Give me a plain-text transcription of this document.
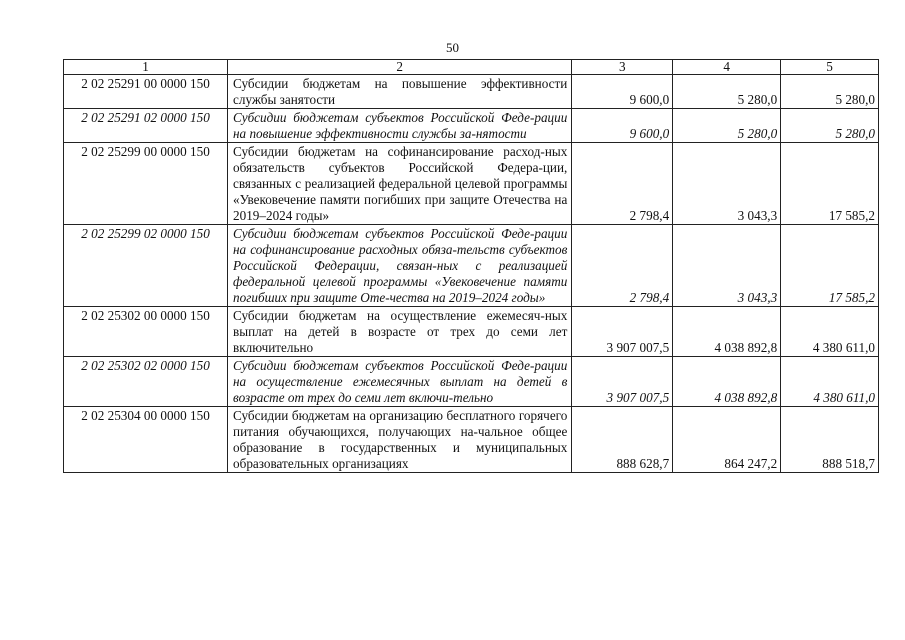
50
1	2	3	4	5
2 02 25291 00 0000 150	Субсидии бюджетам на повышение эффективности службы занятости	9 600,0	5 280,0	5 280,0
2 02 25291 02 0000 150	Субсидии бюджетам субъектов Российской Феде-рации на повышение эффективности службы за-нятости	9 600,0	5 280,0	5 280,0
2 02 25299 00 0000 150	Субсидии бюджетам на софинансирование расход-ных обязательств субъектов Российской Федера-ции, связанных с реализацией федеральной целевой программы «Увековечение памяти погибших при защите Отечества на 2019–2024 годы»	2 798,4	3 043,3	17 585,2
2 02 25299 02 0000 150	Субсидии бюджетам субъектов Российской Феде-рации на софинансирование расходных обяза-тельств субъектов Российской Федерации, связан-ных с реализацией федеральной целевой программы «Увековечение памяти погибших при защите Оте-чества на 2019–2024 годы»	2 798,4	3 043,3	17 585,2
2 02 25302 00 0000 150	Субсидии бюджетам на осуществление ежемесяч-ных выплат на детей в возрасте от трех до семи лет включительно	3 907 007,5	4 038 892,8	4 380 611,0
2 02 25302 02 0000 150	Субсидии бюджетам субъектов Российской Феде-рации на осуществление ежемесячных выплат на детей в возрасте от трех до семи лет включи-тельно	3 907 007,5	4 038 892,8	4 380 611,0
2 02 25304 00 0000 150	Субсидии бюджетам на организацию бесплатного горячего питания обучающихся, получающих на-чальное общее образование в государственных и муниципальных образовательных организациях	888 628,7	864 247,2	888 518,7
